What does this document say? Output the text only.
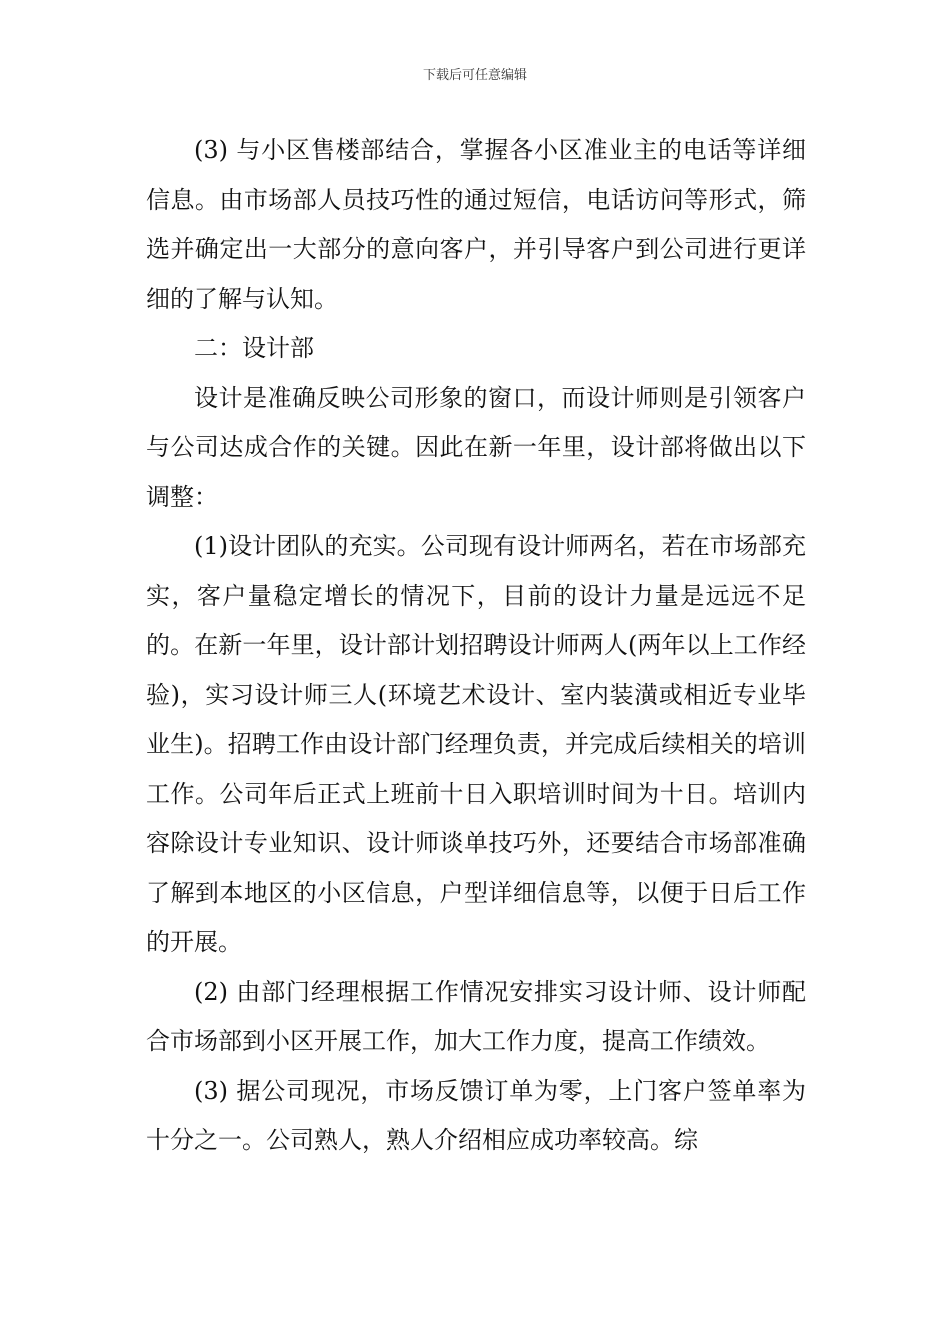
下载后可任意编辑

(3) 与小区售楼部结合，掌握各小区准业主的电话等详细信息。由市场部人员技巧性的通过短信，电话访问等形式，筛选并确定出一大部分的意向客户，并引导客户到公司进行更详细的了解与认知。

二：设计部

设计是准确反映公司形象的窗口，而设计师则是引领客户与公司达成合作的关键。因此在新一年里，设计部将做出以下调整：

(1)设计团队的充实。公司现有设计师两名，若在市场部充实，客户量稳定增长的情况下，目前的设计力量是远远不足的。在新一年里，设计部计划招聘设计师两人(两年以上工作经验)，实习设计师三人(环境艺术设计、室内装潢或相近专业毕业生)。招聘工作由设计部门经理负责，并完成后续相关的培训工作。公司年后正式上班前十日入职培训时间为十日。培训内容除设计专业知识、设计师谈单技巧外，还要结合市场部准确了解到本地区的小区信息，户型详细信息等，以便于日后工作的开展。

(2) 由部门经理根据工作情况安排实习设计师、设计师配合市场部到小区开展工作，加大工作力度，提高工作绩效。

(3) 据公司现况，市场反馈订单为零，上门客户签单率为十分之一。公司熟人，熟人介绍相应成功率较高。综
